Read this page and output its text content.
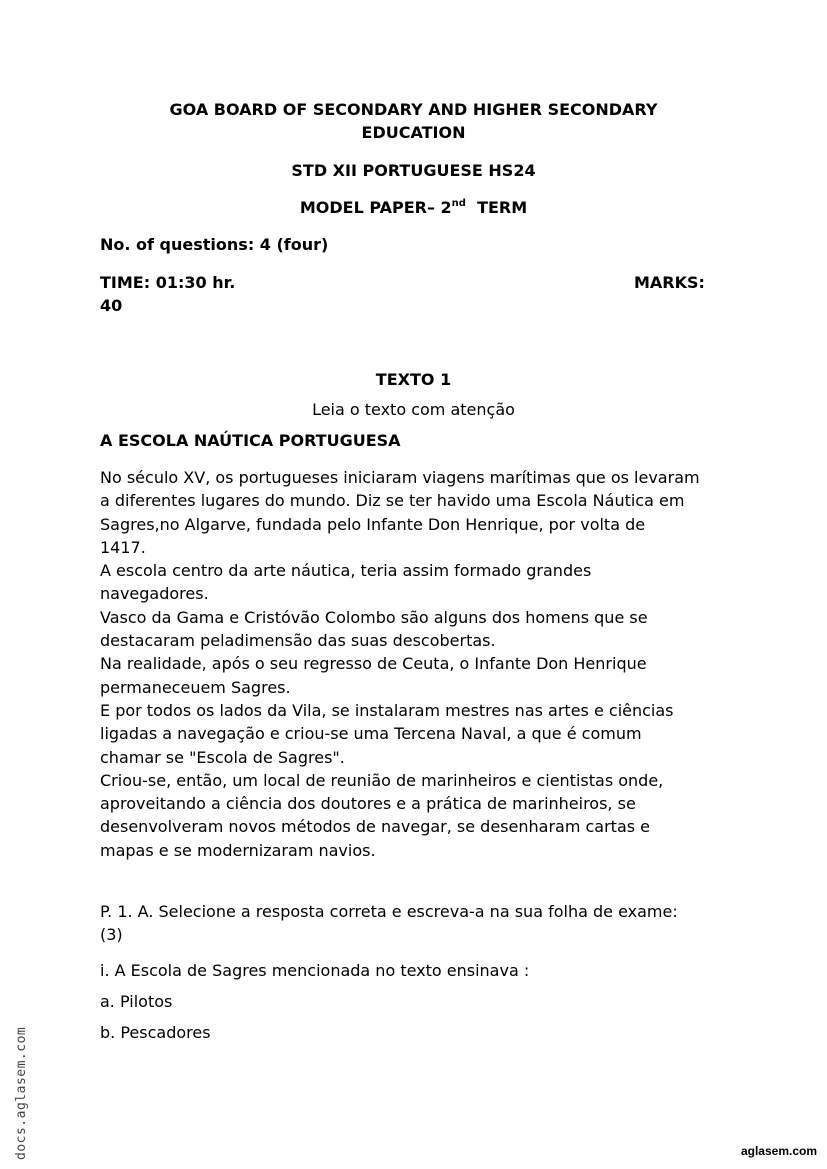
GOA BOARD OF SECONDARY AND HIGHER SECONDARY
EDUCATION
STD XII PORTUGUESE HS24
MODEL PAPER– 2nd TERM
No. of questions: 4 (four)
TIME: 01:30 hr.	MARKS:
40
TEXTO 1
Leia o texto com atenção
A ESCOLA NAÚTICA PORTUGUESA
No século XV, os portugueses iniciaram viagens marítimas que os levaram
a diferentes lugares do mundo. Diz se ter havido uma Escola Náutica em
Sagres,no Algarve, fundada pelo Infante Don Henrique, por volta de
1417.
A escola centro da arte náutica, teria assim formado grandes
navegadores.
Vasco da Gama e Cristóvão Colombo são alguns dos homens que se
destacaram peladimensão das suas descobertas.
Na realidade, após o seu regresso de Ceuta, o Infante Don Henrique
permaneceuem Sagres.
E por todos os lados da Vila, se instalaram mestres nas artes e ciências
ligadas a navegação e criou-se uma Tercena Naval, a que é comum
chamar se "Escola de Sagres".
Criou-se, então, um local de reunião de marinheiros e cientistas onde,
aproveitando a ciência dos doutores e a prática de marinheiros, se
desenvolveram novos métodos de navegar, se desenharam cartas e
mapas e se modernizaram navios.
P. 1. A. Selecione a resposta correta e escreva-a na sua folha de exame:
(3)
i. A Escola de Sagres mencionada no texto ensinava :
a. Pilotos
b. Pescadores
docs.aglasem.com	aglasem.com
